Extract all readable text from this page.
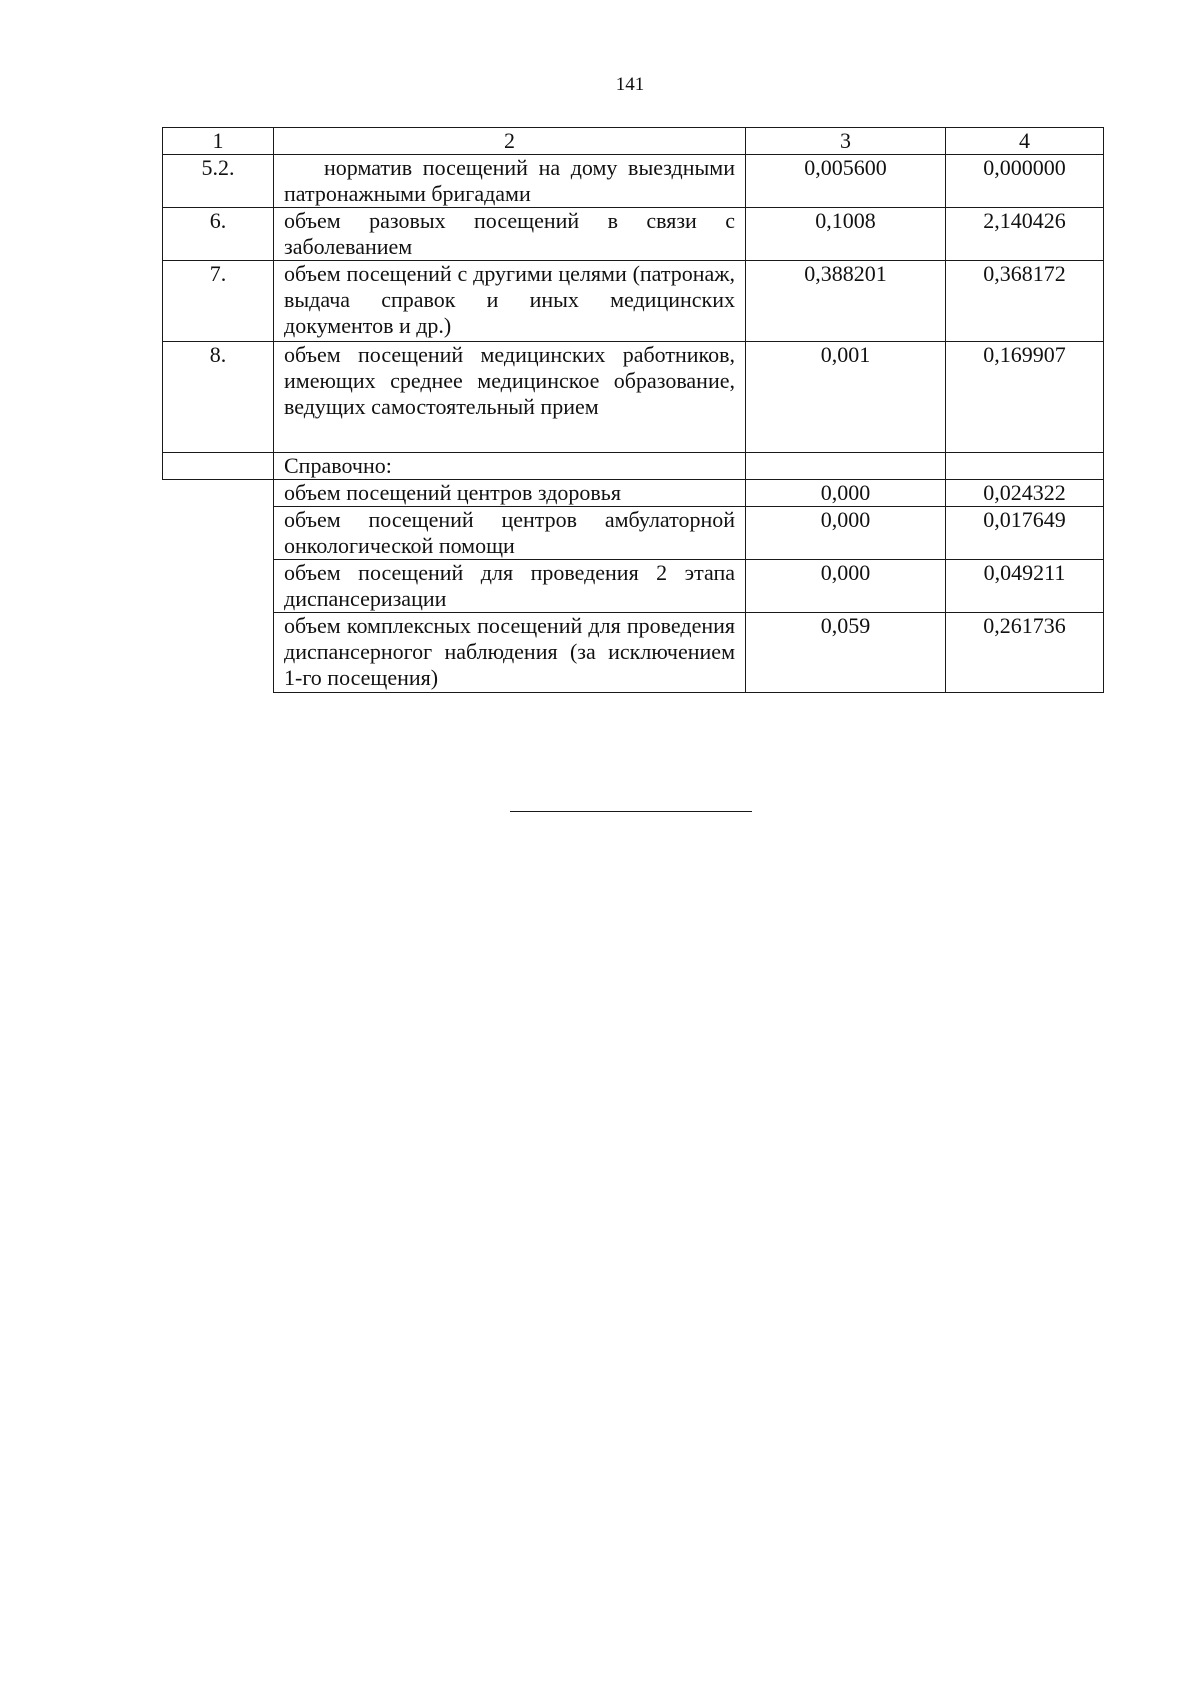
141
1	2	3	4
5.2.	норматив посещений на дому выездными патронажными бригадами	0,005600	0,000000
6.	объем разовых посещений в связи с заболеванием	0,1008	2,140426
7.	объем посещений с другими целями (патронаж, выдача справок и иных медицинских документов и др.)	0,388201	0,368172
8.	объем посещений медицинских работников, имеющих среднее медицинское образование, ведущих самостоятельный прием	0,001	0,169907
	Справочно:		
	объем посещений центров здоровья	0,000	0,024322
	объем посещений центров амбулаторной онкологической помощи	0,000	0,017649
	объем посещений для проведения 2 этапа диспансеризации	0,000	0,049211
	объем комплексных посещений для проведения диспансерногог наблюдения (за исключением 1-го посещения)	0,059	0,261736
